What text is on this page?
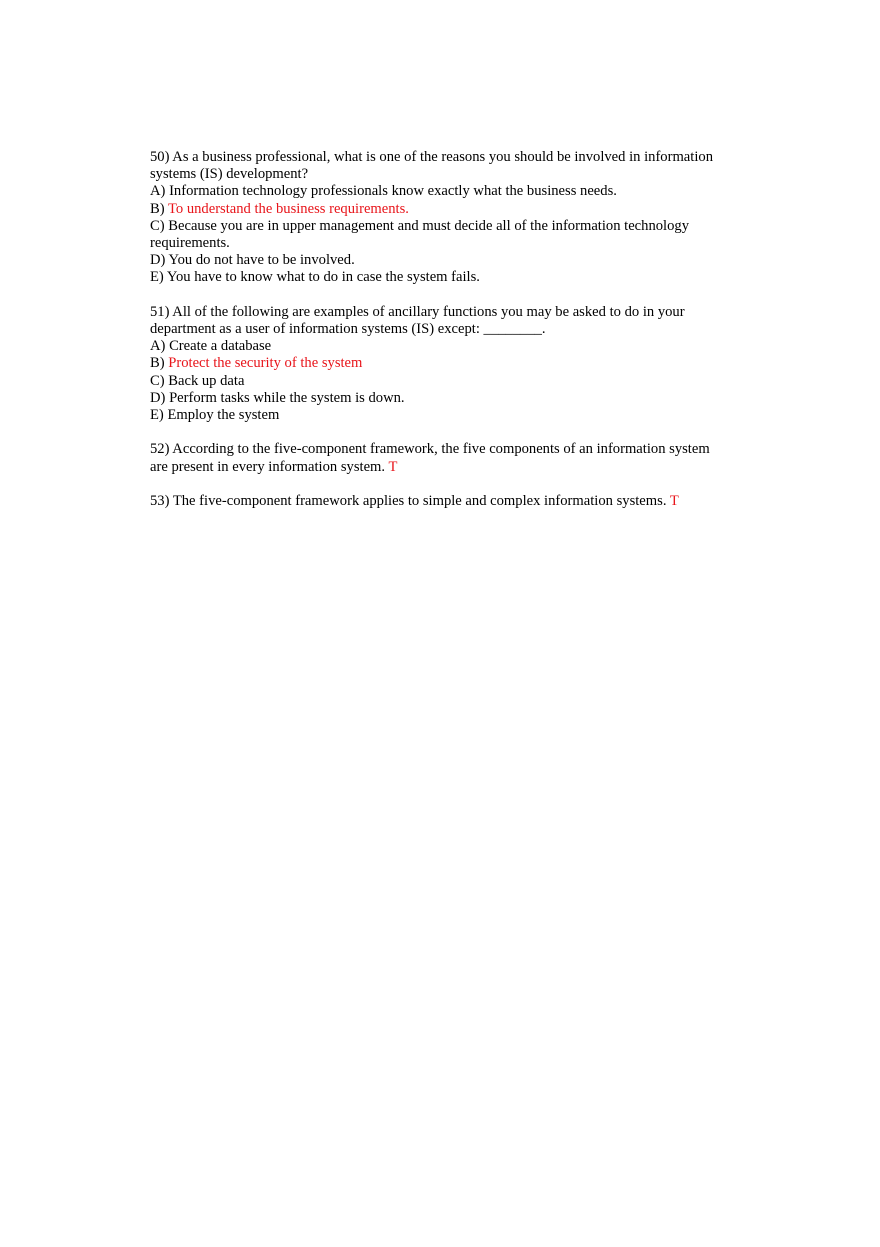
50) As a business professional, what is one of the reasons you should be involved in information
systems (IS) development?
A) Information technology professionals know exactly what the business needs.
B) To understand the business requirements.
C) Because you are in upper management and must decide all of the information technology
requirements.
D) You do not have to be involved.
E) You have to know what to do in case the system fails.
51) All of the following are examples of ancillary functions you may be asked to do in your
department as a user of information systems (IS) except: ________.
A) Create a database
B) Protect the security of the system
C) Back up data
D) Perform tasks while the system is down.
E) Employ the system
52) According to the five-component framework, the five components of an information system
are present in every information system. T
53) The five-component framework applies to simple and complex information systems. T
